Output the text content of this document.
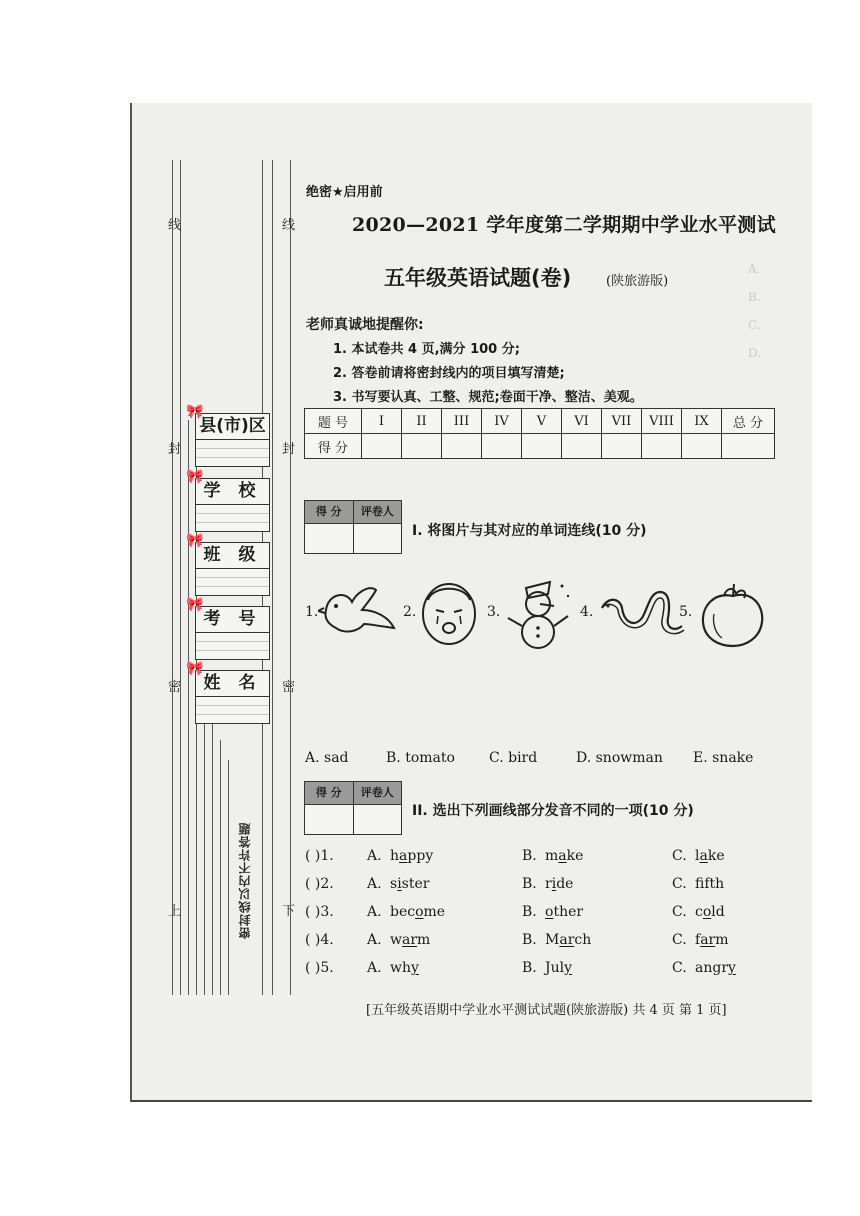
A.
B.
C.
D.
线	线
封	封
密	密
上	下
密封线以内不许答题
🎀
县(市)区
🎀
学 校
🎀
班 级
🎀
考 号
🎀
姓 名
绝密★启用前
2020—2021 学年度第二学期期中学业水平测试
五年级英语试题(卷)	(陕旅游版)
老师真诚地提醒你:
1. 本试卷共 4 页,满分 100 分;
2. 答卷前请将密封线内的项目填写清楚;
3. 书写要认真、工整、规范;卷面干净、整洁、美观。
题 号	I	II	III	IV	V	VI	VII	VIII	IX	总 分
得 分										
得 分	评卷人
I. 将图片与其对应的单词连线(10 分)
1.	2.	3.	4.	5.
A. sad	B. tomato C. bird	D. snowman E. snake
得 分	评卷人
II. 选出下列画线部分发音不同的一项(10 分)
( )1. A. happy	B. make	C. lake
( )2. A. sister	B. ride	C. ffth
( )3. A. become	B. other	C. cold
( )4. A. warm	B. March	C. farm
( )5. A. why	B. July	C. angry
[五年级英语期中学业水平测试试题(陕旅游版) 共 4 页 第 1 页]
